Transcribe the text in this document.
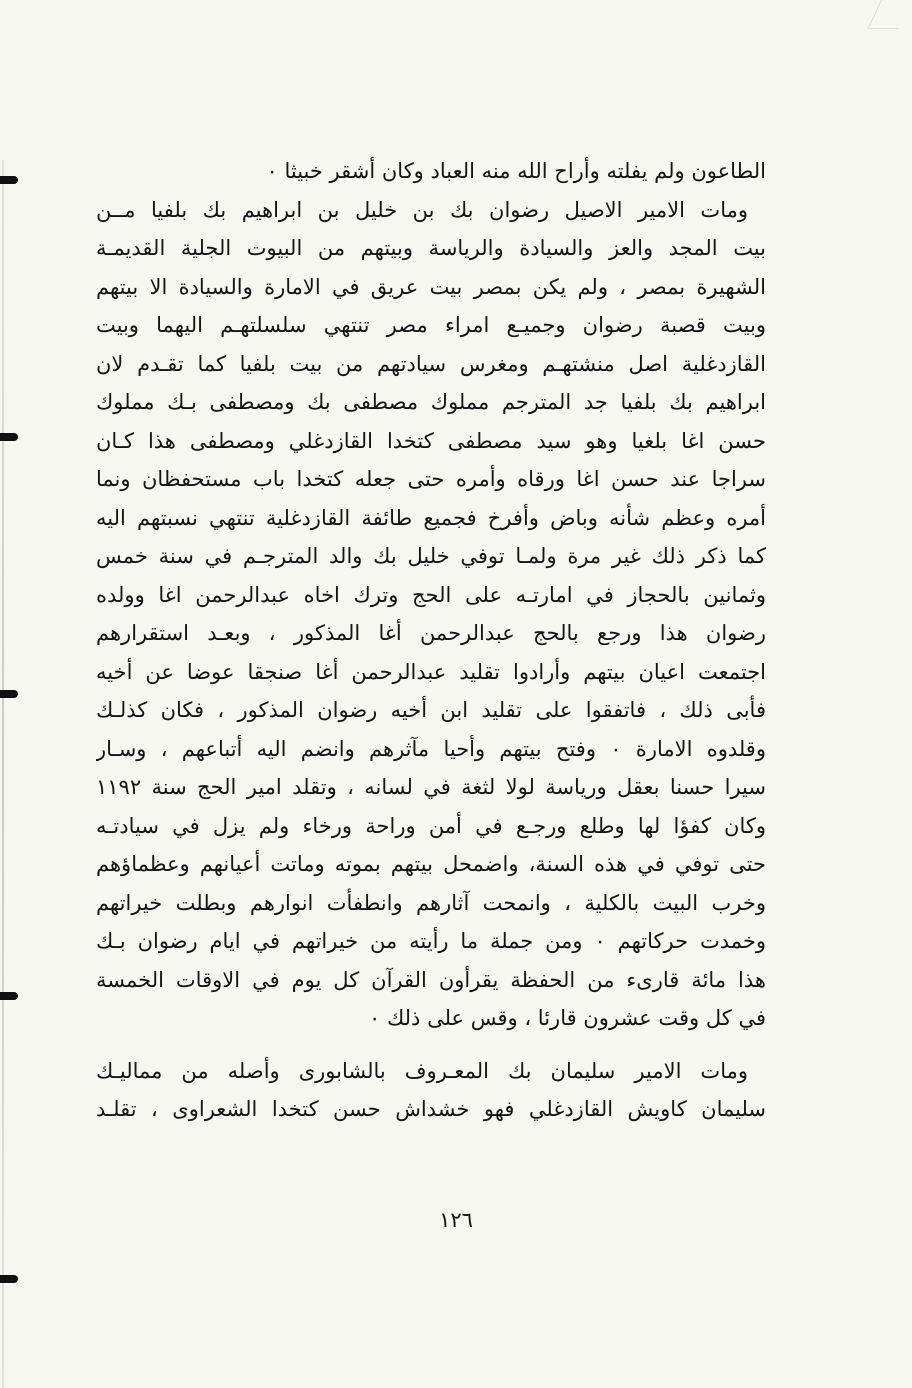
الطاعون ولم يفلته وأراح الله منه العباد وكان أشقر خبيثا ٠
ومات الامير الاصيل رضوان بك بن خليل بن ابراهيم بك بلفيا مــن
بيت المجد والعز والسيادة والرياسة وبيتهم من البيوت الجلية القديمـة
الشهيرة بمصر ، ولم يكن بمصر بيت عريق في الامارة والسيادة الا بيتهم
وبيت قصبة رضوان وجميـع امراء مصر تنتهي سلسلتهـم اليهما وبيت
القازدغلية اصل منشتهـم ومغرس سيادتهم من بيت بلفيا كما تقـدم لان
ابراهيم بك بلفيا جد المترجم مملوك مصطفى بك ومصطفى بـك مملوك
حسن اغا بلغيا وهو سيد مصطفى كتخدا القازدغلي ومصطفى هذا كـان
سراجا عند حسن اغا ورقاه وأمره حتى جعله كتخدا باب مستحفظان ونما
أمره وعظم شأنه وباض وأفرخ فجميع طائفة القازدغلية تنتهي نسبتهم اليه
كما ذكر ذلك غير مرة ولمـا توفي خليل بك والد المترجـم في سنة خمس
وثمانين بالحجاز في امارتـه على الحج وترك اخاه عبدالرحمن اغا وولده
رضوان هذا ورجع بالحج عبدالرحمن أغا المذكور ، وبعـد استقرارهم
اجتمعت اعيان بيتهم وأرادوا تقليد عبدالرحمن أغا صنجقا عوضا عن أخيه
فأبى ذلك ، فاتفقوا على تقليد ابن أخيه رضوان المذكور ، فكان كذلـك
وقلدوه الامارة ٠ وفتح بيتهم وأحيا مآثرهم وانضم اليه أتباعهم ، وسـار
سيرا حسنا بعقل ورياسة لولا لثغة في لسانه ، وتقلد امير الحج سنة ١١٩٢
وكان كفؤا لها وطلع ورجـع في أمن وراحة ورخاء ولم يزل في سيادتـه
حتى توفي في هذه السنة، واضمحل بيتهم بموته وماتت أعيانهم وعظماؤهم
وخرب البيت بالكلية ، وانمحت آثارهم وانطفأت انوارهم وبطلت خيراتهم
وخمدت حركاتهم ٠ ومن جملة ما رأيته من خيراتهم في ايام رضوان بـك
هذا مائة قارىء من الحفظة يقرأون القرآن كل يوم في الاوقات الخمسة
في كل وقت عشرون قارئا ، وقس على ذلك ٠
ومات الامير سليمان بك المعـروف بالشابورى وأصله من مماليـك
سليمان كاويش القازدغلي فهو خشداش حسن كتخدا الشعراوى ، تقلـد
١٢٦
